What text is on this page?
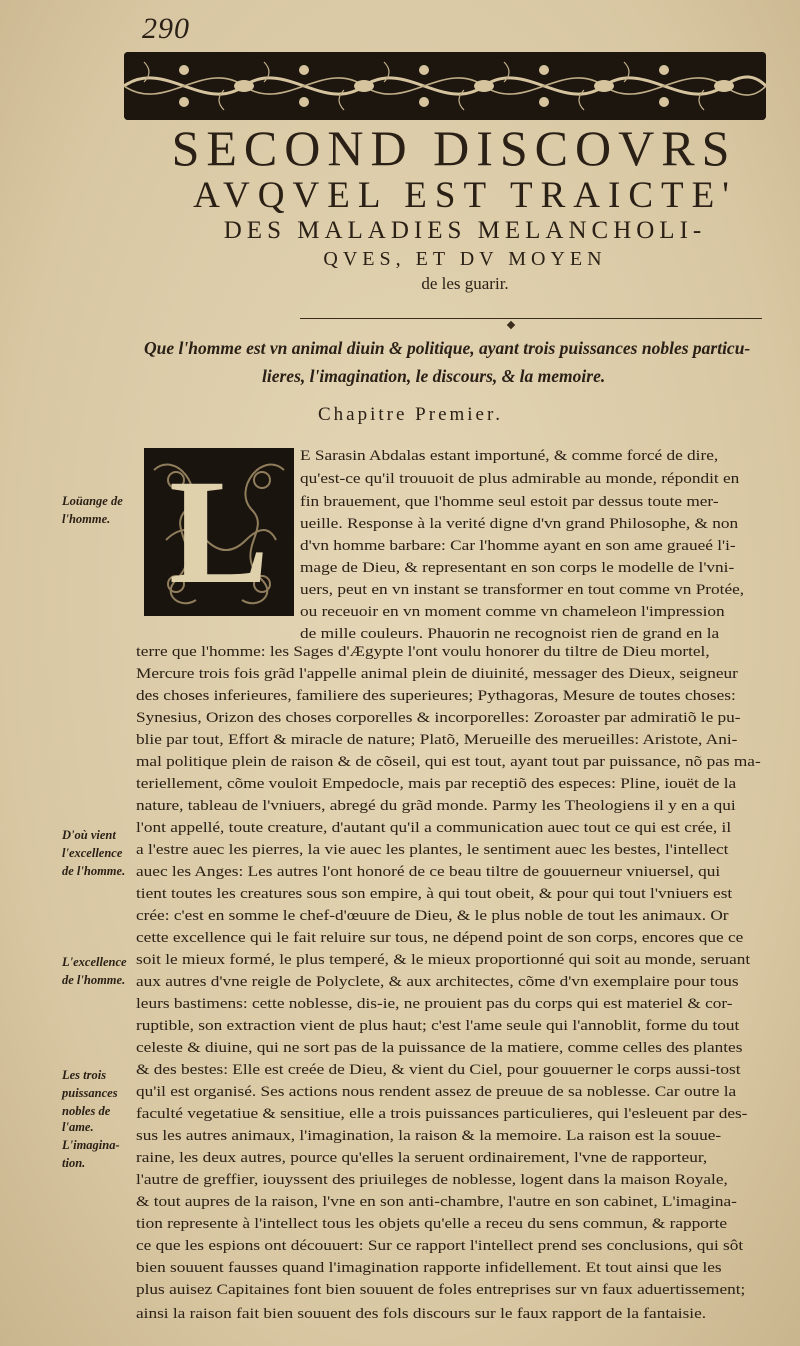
290
SECOND DISCOVRS
AVQVEL EST TRAICTE'
DES MALADIES MELANCHOLI-
QVES, ET DV MOYEN
de les guarir.
Que l'homme est vn animal diuin & politique, ayant trois puissances nobles particu-
lieres, l'imagination, le discours, & la memoire.
Chapitre Premier.
L
Loüange de
l'homme.
D'où vient
l'excellence
de l'homme.
L'excellence
de l'homme.
Les trois
puissances
nobles de
l'ame.
L'imagina-
tion.
E Sarasin Abdalas estant importuné, & comme forcé de dire,
qu'est-ce qu'il trouuoit de plus admirable au monde, répondit en
fin brauement, que l'homme seul estoit par dessus toute mer-
ueille. Response à la verité digne d'vn grand Philosophe, & non
d'vn homme barbare: Car l'homme ayant en son ame graueé l'i-
mage de Dieu, & representant en son corps le modelle de l'vni-
uers, peut en vn instant se transformer en tout comme vn Protée,
ou receuoir en vn moment comme vn chameleon l'impression
de mille couleurs. Phauorin ne recognoist rien de grand en la
terre que l'homme: les Sages d'Ægypte l'ont voulu honorer du tiltre de Dieu mortel,
Mercure trois fois grãd l'appelle animal plein de diuinité, messager des Dieux, seigneur
des choses inferieures, familiere des superieures; Pythagoras, Mesure de toutes choses:
Synesius, Orizon des choses corporelles & incorporelles: Zoroaster par admiratiõ le pu-
blie par tout, Effort & miracle de nature; Platõ, Merueille des merueilles: Aristote, Ani-
mal politique plein de raison & de cõseil, qui est tout, ayant tout par puissance, nõ pas ma-
teriellement, cõme vouloit Empedocle, mais par receptiõ des especes: Pline, iouët de la
nature, tableau de l'vniuers, abregé du grãd monde. Parmy les Theologiens il y en a qui
l'ont appellé, toute creature, d'autant qu'il a communication auec tout ce qui est crée, il
a l'estre auec les pierres, la vie auec les plantes, le sentiment auec les bestes, l'intellect
auec les Anges: Les autres l'ont honoré de ce beau tiltre de gouuerneur vniuersel, qui
tient toutes les creatures sous son empire, à qui tout obeit, & pour qui tout l'vniuers est
crée: c'est en somme le chef-d'œuure de Dieu, & le plus noble de tout les animaux. Or
cette excellence qui le fait reluire sur tous, ne dépend point de son corps, encores que ce
soit le mieux formé, le plus temperé, & le mieux proportionné qui soit au monde, seruant
aux autres d'vne reigle de Polyclete, & aux architectes, cõme d'vn exemplaire pour tous
leurs bastimens: cette noblesse, dis-ie, ne prouient pas du corps qui est materiel & cor-
ruptible, son extraction vient de plus haut; c'est l'ame seule qui l'annoblit, forme du tout
celeste & diuine, qui ne sort pas de la puissance de la matiere, comme celles des plantes
& des bestes: Elle est creée de Dieu, & vient du Ciel, pour gouuerner le corps aussi-tost
qu'il est organisé. Ses actions nous rendent assez de preuue de sa noblesse. Car outre la
faculté vegetatiue & sensitiue, elle a trois puissances particulieres, qui l'esleuent par des-
sus les autres animaux, l'imagination, la raison & la memoire. La raison est la souue-
raine, les deux autres, pource qu'elles la seruent ordinairement, l'vne de rapporteur,
l'autre de greffier, iouyssent des priuileges de noblesse, logent dans la maison Royale,
& tout aupres de la raison, l'vne en son anti-chambre, l'autre en son cabinet, L'imagina-
tion represente à l'intellect tous les objets qu'elle a receu du sens commun, & rapporte
ce que les espions ont découuert: Sur ce rapport l'intellect prend ses conclusions, qui sôt
bien souuent fausses quand l'imagination rapporte infidellement. Et tout ainsi que les
plus auisez Capitaines font bien souuent de foles entreprises sur vn faux aduertissement;
ainsi la raison fait bien souuent des fols discours sur le faux rapport de la fantaisie.
